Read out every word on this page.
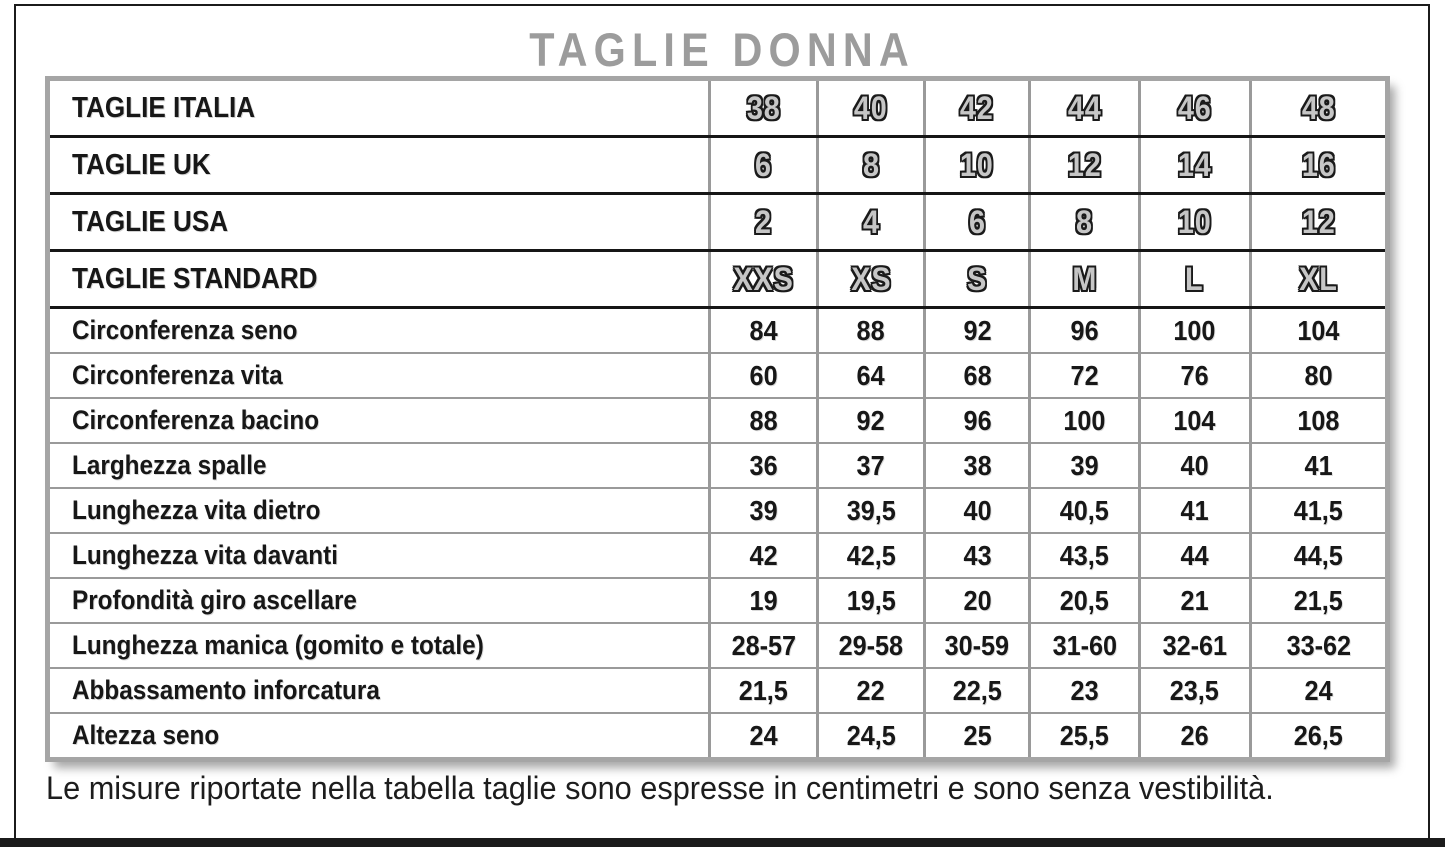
TAGLIE DONNA
TAGLIE ITALIA	38	40	42	44	46	48
TAGLIE UK	6	8	10	12	14	16
TAGLIE USA	2	4	6	8	10	12
TAGLIE STANDARD	XXS	XS	S	M	L	XL
Circonferenza seno	84	88	92	96	100	104
Circonferenza vita	60	64	68	72	76	80
Circonferenza bacino	88	92	96	100	104	108
Larghezza spalle	36	37	38	39	40	41
Lunghezza vita dietro	39	39,5	40	40,5	41	41,5
Lunghezza vita davanti	42	42,5	43	43,5	44	44,5
Profondità giro ascellare	19	19,5	20	20,5	21	21,5
Lunghezza manica (gomito e totale)	28-57	29-58	30-59	31-60	32-61	33-62
Abbassamento inforcatura	21,5	22	22,5	23	23,5	24
Altezza seno	24	24,5	25	25,5	26	26,5

Le misure riportate nella tabella taglie sono espresse in centimetri e sono senza vestibilità.
